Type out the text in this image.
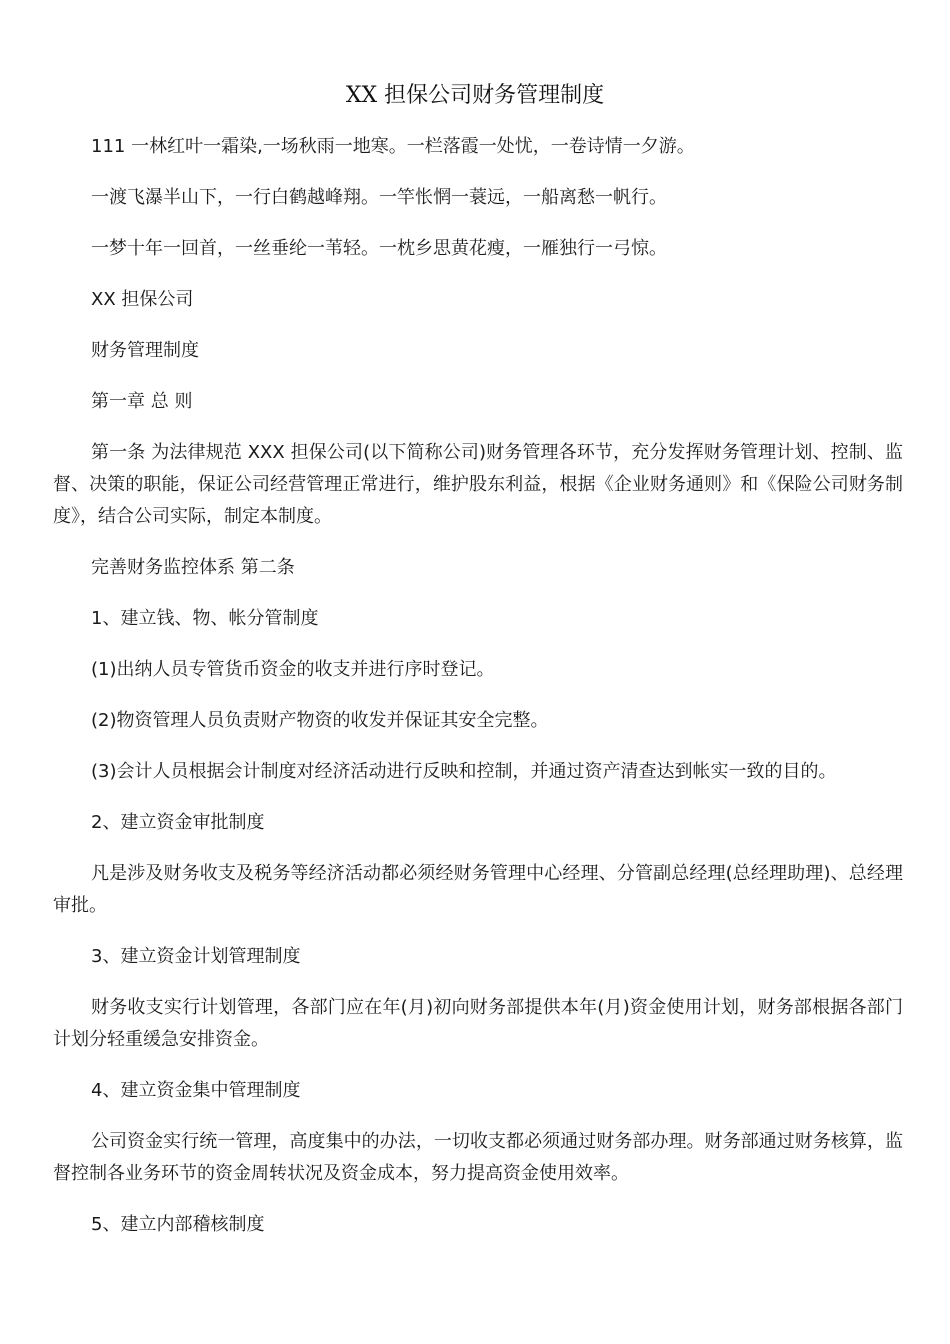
XX 担保公司财务管理制度

111 一林红叶一霜染,一场秋雨一地寒。一栏落霞一处忧，一卷诗情一夕游。

一渡飞瀑半山下，一行白鹤越峰翔。一竿怅惘一蓑远，一船离愁一帆行。

一梦十年一回首，一丝垂纶一苇轻。一枕乡思黄花瘦，一雁独行一弓惊。

XX 担保公司

财务管理制度

第一章 总 则

第一条 为法律规范 XXX 担保公司(以下简称公司)财务管理各环节，充分发挥财务管理计划、控制、监督、决策的职能，保证公司经营管理正常进行，维护股东利益，根据《企业财务通则》和《保险公司财务制度》，结合公司实际，制定本制度。

完善财务监控体系 第二条

1、建立钱、物、帐分管制度

(1)出纳人员专管货币资金的收支并进行序时登记。

(2)物资管理人员负责财产物资的收发并保证其安全完整。

(3)会计人员根据会计制度对经济活动进行反映和控制，并通过资产清查达到帐实一致的目的。

2、建立资金审批制度

凡是涉及财务收支及税务等经济活动都必须经财务管理中心经理、分管副总经理(总经理助理)、总经理审批。

3、建立资金计划管理制度

财务收支实行计划管理，各部门应在年(月)初向财务部提供本年(月)资金使用计划，财务部根据各部门计划分轻重缓急安排资金。

4、建立资金集中管理制度

公司资金实行统一管理，高度集中的办法，一切收支都必须通过财务部办理。财务部通过财务核算，监督控制各业务环节的资金周转状况及资金成本，努力提高资金使用效率。

5、建立内部稽核制度
